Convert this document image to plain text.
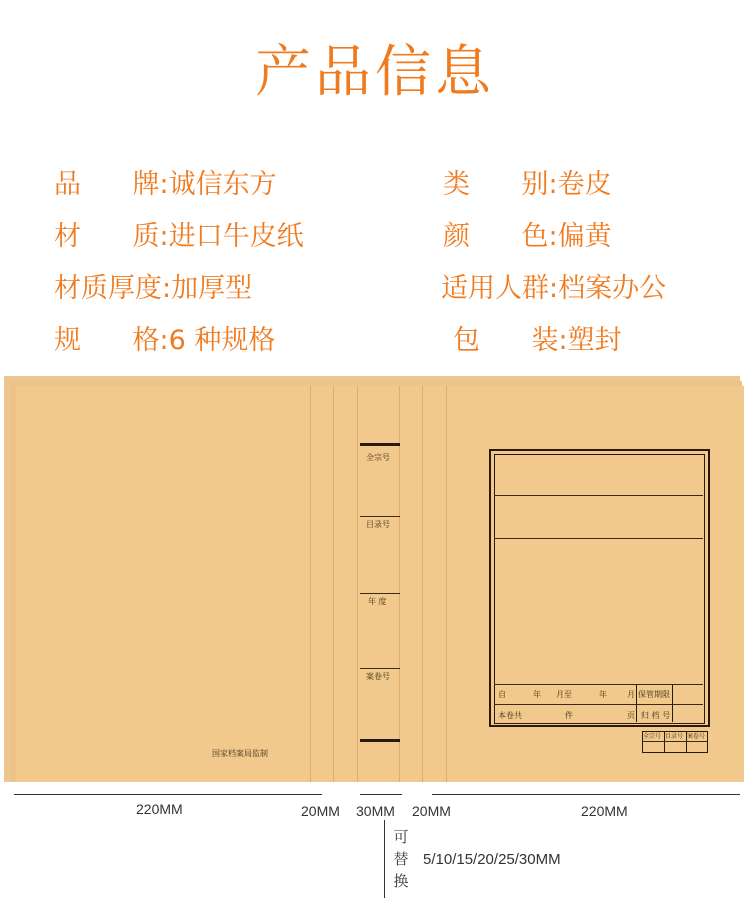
产品信息
品      牌:诚信东方	类      别:卷皮
材      质:进口牛皮纸	颜      色:偏黄
材质厚度:加厚型	适用人群:档案办公
规      格:6 种规格	包      装:塑封
全宗号
目录号
年 度
案卷号
国家档案局监制
自	年 月至	年	月 保管期限
本卷共	件	页 归 档 号
全宗号 目录号 案卷号
220MM	20MM 30MM 20MM	220MM
可
替
换
5/10/15/20/25/30MM
